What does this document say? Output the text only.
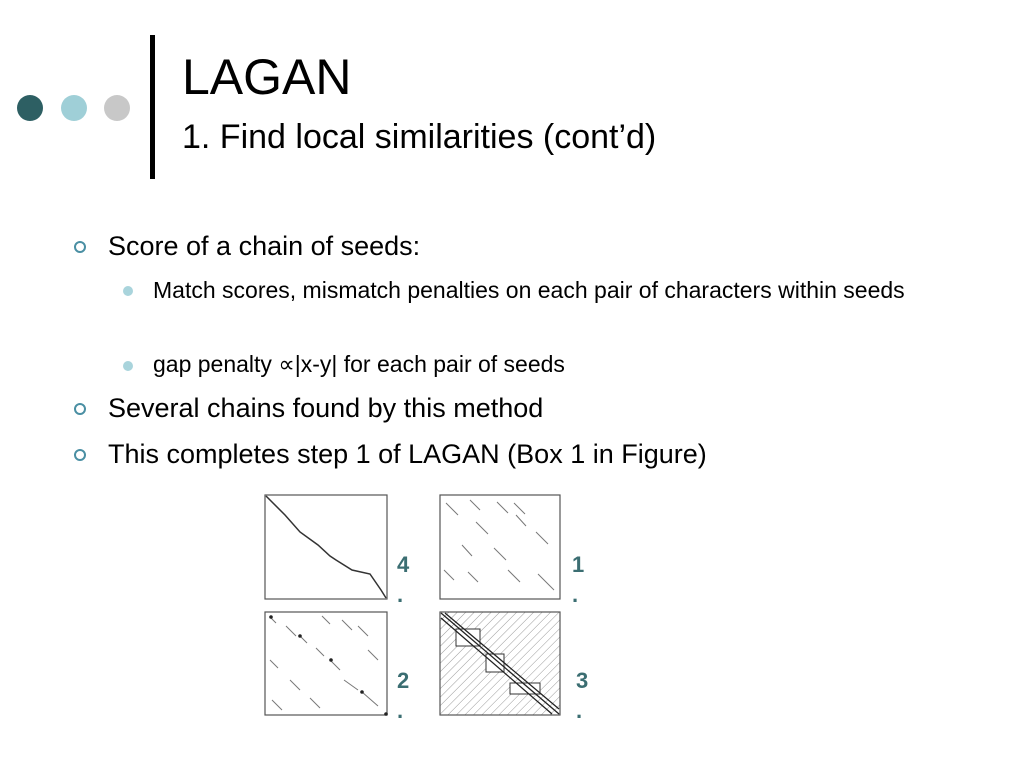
LAGAN
1. Find local similarities (cont’d)
Score of a chain of seeds:
Match scores, mismatch penalties on each pair of characters within seeds
gap penalty ∝|x-y| for each pair of seeds
Several chains found by this method
This completes step 1 of LAGAN (Box 1 in Figure)
4
.
1
.
2
.
3
.
